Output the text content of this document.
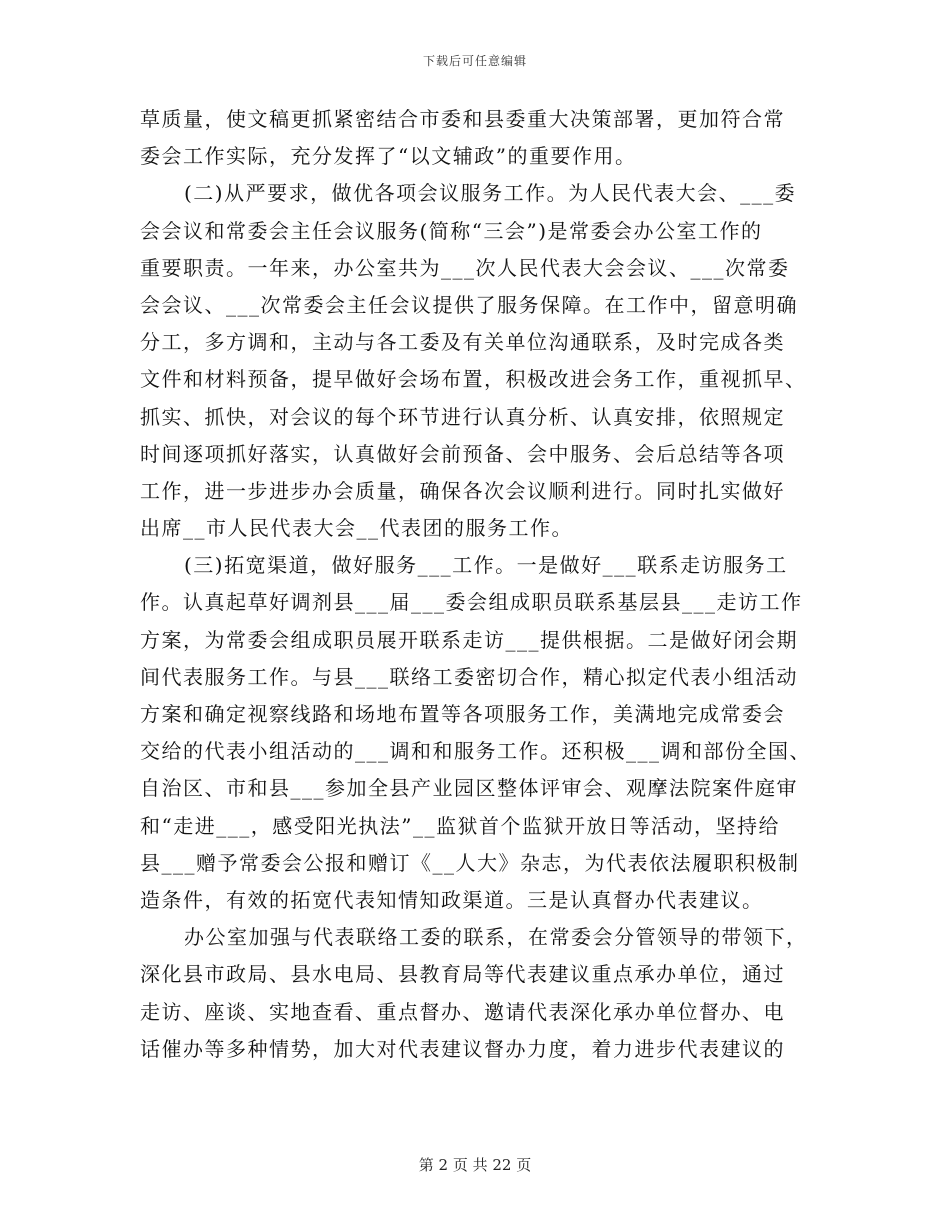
下载后可任意编辑
草质量，使文稿更抓紧密结合市委和县委重大决策部署，更加符合常
委会工作实际，充分发挥了“以文辅政”的重要作用。
(二)从严要求，做优各项会议服务工作。为人民代表大会、___委
会会议和常委会主任会议服务(简称“三会”)是常委会办公室工作的
重要职责。一年来，办公室共为___次人民代表大会会议、___次常委
会会议、___次常委会主任会议提供了服务保障。在工作中，留意明确
分工，多方调和，主动与各工委及有关单位沟通联系，及时完成各类
文件和材料预备，提早做好会场布置，积极改进会务工作，重视抓早、
抓实、抓快，对会议的每个环节进行认真分析、认真安排，依照规定
时间逐项抓好落实，认真做好会前预备、会中服务、会后总结等各项
工作，进一步进步办会质量，确保各次会议顺利进行。同时扎实做好
出席__市人民代表大会__代表团的服务工作。
(三)拓宽渠道，做好服务___工作。一是做好___联系走访服务工
作。认真起草好调剂县___届___委会组成职员联系基层县___走访工作
方案，为常委会组成职员展开联系走访___提供根据。二是做好闭会期
间代表服务工作。与县___联络工委密切合作，精心拟定代表小组活动
方案和确定视察线路和场地布置等各项服务工作，美满地完成常委会
交给的代表小组活动的___调和和服务工作。还积极___调和部份全国、
自治区、市和县___参加全县产业园区整体评审会、观摩法院案件庭审
和“走进___，感受阳光执法”__监狱首个监狱开放日等活动，坚持给
县___赠予常委会公报和赠订《__人大》杂志，为代表依法履职积极制
造条件，有效的拓宽代表知情知政渠道。三是认真督办代表建议。
办公室加强与代表联络工委的联系，在常委会分管领导的带领下，
深化县市政局、县水电局、县教育局等代表建议重点承办单位，通过
走访、座谈、实地查看、重点督办、邀请代表深化承办单位督办、电
话催办等多种情势，加大对代表建议督办力度，着力进步代表建议的
第 2 页 共 22 页
